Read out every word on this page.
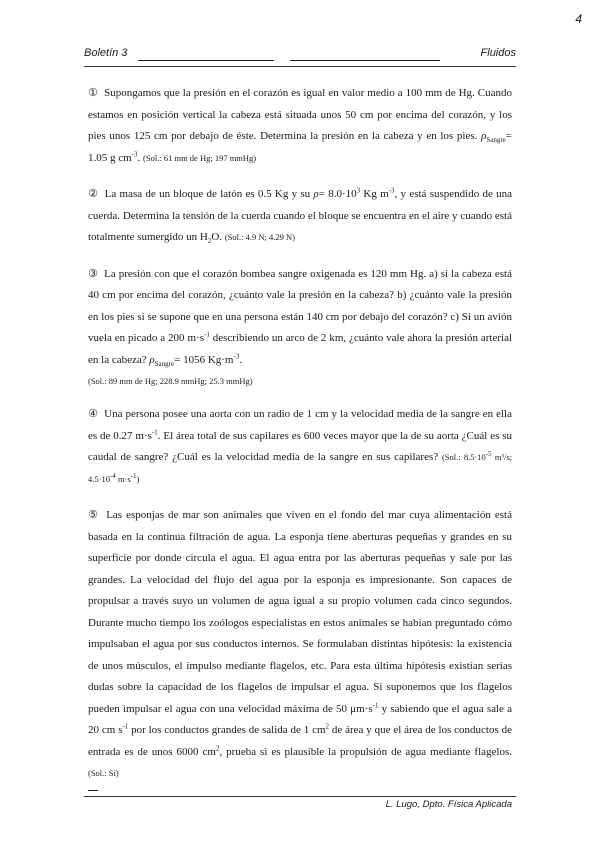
4
Boletín 3	Fluidos

① Supongamos que la presión en el corazón es igual en valor medio a 100 mm de Hg. Cuando estamos en posición vertical la cabeza está situada unos 50 cm por encima del corazón, y los pies unos 125 cm por debajo de éste. Determina la presión en la cabeza y en los pies. $\rho_{Sangre}= 1.05$ g $cm^{-3}$. (Sol.: 61 mm de Hg; 197 mmHg)

② La masa de un bloque de latón es 0.5 Kg y su $\rho= 8.0\cdot 10^3$ Kg $m^{-3}$, y está suspendido de una cuerda. Determina la tensión de la cuerda cuando el bloque se encuentra en el aire y cuando está totalmente sumergido un $H_2O$. (Sol.: 4.9 N; 4.29 N)

③ La presión con que el corazón bombea sangre oxigenada es 120 mm Hg. a) si la cabeza está 40 cm por encima del corazón, ¿cuánto vale la presión en la cabeza? b) ¿cuánto vale la presión en los pies si se supone que en una persona están 140 cm por debajo del corazón? c) Si un avión vuela en picado a 200 $m\cdot s^{-1}$ describiendo un arco de 2 km, ¿cuánto vale ahora la presión arterial en la cabeza? $\rho_{Sangre}= 1056$ $Kg\cdot m^{-3}$.

(Sol.: 89 mm de Hg; 228.9 mmHg; 25.3 mmHg)

④ Una persona posee una aorta con un radio de 1 cm y la velocidad media de la sangre en ella es de 0.27 $m\cdot s^{-1}$. El área total de sus capilares es 600 veces mayor que la de su aorta ¿Cuál es su caudal de sangre? ¿Cuál es la velocidad media de la sangre en sus capilares? (Sol.: $8.5\cdot 10^{-5}$ m³/s; $4.5\cdot 10^{-4}$ $m\cdot s^{-1}$)

⑤ Las esponjas de mar son animales que viven en el fondo del mar cuya alimentación está basada en la continua filtración de agua. La esponja tiene aberturas pequeñas y grandes en su superficie por donde circula el agua. El agua entra por las aberturas pequeñas y sale por las grandes. La velocidad del flujo del agua por la esponja es impresionante. Son capaces de propulsar a través suyo un volumen de agua igual a su propio volumen cada cinco segundos. Durante mucho tiempo los zoólogos especialistas en estos animales se habían preguntado cómo impulsaban el agua por sus conductos internos. Se formulaban distintas hipótesis: la existencia de unos músculos, el impulso mediante flagelos, etc. Para esta última hipótesis existían serias dudas sobre la capacidad de los flagelos de impulsar el agua. Si suponemos que los flagelos pueden impulsar el agua con una velocidad máxima de 50 $\mu m\cdot s^{-1}$ y sabiendo que el agua sale a 20 cm $s^{-1}$ por los conductos grandes de salida de 1 $cm^2$ de área y que el área de los conductos de entrada es de unos 6000 $cm^2$, prueba si es plausible la propulsión de agua mediante flagelos. (Sol.: Sí)

L. Lugo, Dpto. Física Aplicada
